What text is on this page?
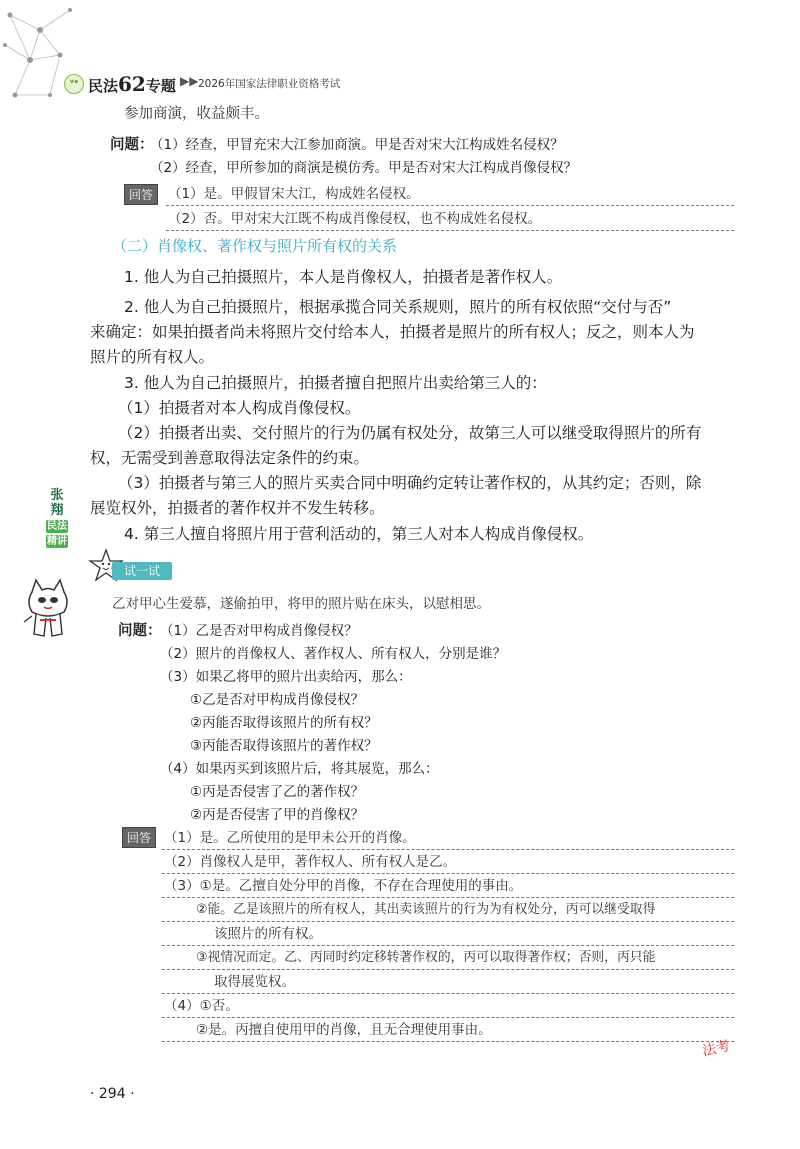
ᵛᵉ 民法62专题 ▶▶ 2026年国家法律职业资格考试
参加商演，收益颇丰。
问题：
（1）经查，甲冒充宋大江参加商演。甲是否对宋大江构成姓名侵权？
（2）经查，甲所参加的商演是模仿秀。甲是否对宋大江构成肖像侵权？
回答	（1）是。甲假冒宋大江，构成姓名侵权。
（2）否。甲对宋大江既不构成肖像侵权，也不构成姓名侵权。
（二）肖像权、著作权与照片所有权的关系
1. 他人为自己拍摄照片，本人是肖像权人，拍摄者是著作权人。
2. 他人为自己拍摄照片，根据承揽合同关系规则，照片的所有权依照“交付与否”
来确定：如果拍摄者尚未将照片交付给本人，拍摄者是照片的所有权人；反之，则本人为
照片的所有权人。
3. 他人为自己拍摄照片，拍摄者擅自把照片出卖给第三人的：
（1）拍摄者对本人构成肖像侵权。
（2）拍摄者出卖、交付照片的行为仍属有权处分，故第三人可以继受取得照片的所有
权，无需受到善意取得法定条件的约束。
（3）拍摄者与第三人的照片买卖合同中明确约定转让著作权的，从其约定；否则，除
展览权外，拍摄者的著作权并不发生转移。
4. 第三人擅自将照片用于营利活动的，第三人对本人构成肖像侵权。
张
翔
民法
精讲
试一试
乙对甲心生爱慕，遂偷拍甲，将甲的照片贴在床头，以慰相思。
问题：
（1）乙是否对甲构成肖像侵权？
（2）照片的肖像权人、著作权人、所有权人，分别是谁？
（3）如果乙将甲的照片出卖给丙，那么：
①乙是否对甲构成肖像侵权？
②丙能否取得该照片的所有权？
③丙能否取得该照片的著作权？
（4）如果丙买到该照片后，将其展览，那么：
①丙是否侵害了乙的著作权？
②丙是否侵害了甲的肖像权？
回答 （1）是。乙所使用的是甲未公开的肖像。
（2）肖像权人是甲，著作权人、所有权人是乙。
（3）①是。乙擅自处分甲的肖像，不存在合理使用的事由。
②能。乙是该照片的所有权人，其出卖该照片的行为为有权处分，丙可以继受取得
该照片的所有权。
③视情况而定。乙、丙同时约定移转著作权的，丙可以取得著作权；否则，丙只能
取得展览权。
（4）①否。
②是。丙擅自使用甲的肖像，且无合理使用事由。
· 294 ·
法考
